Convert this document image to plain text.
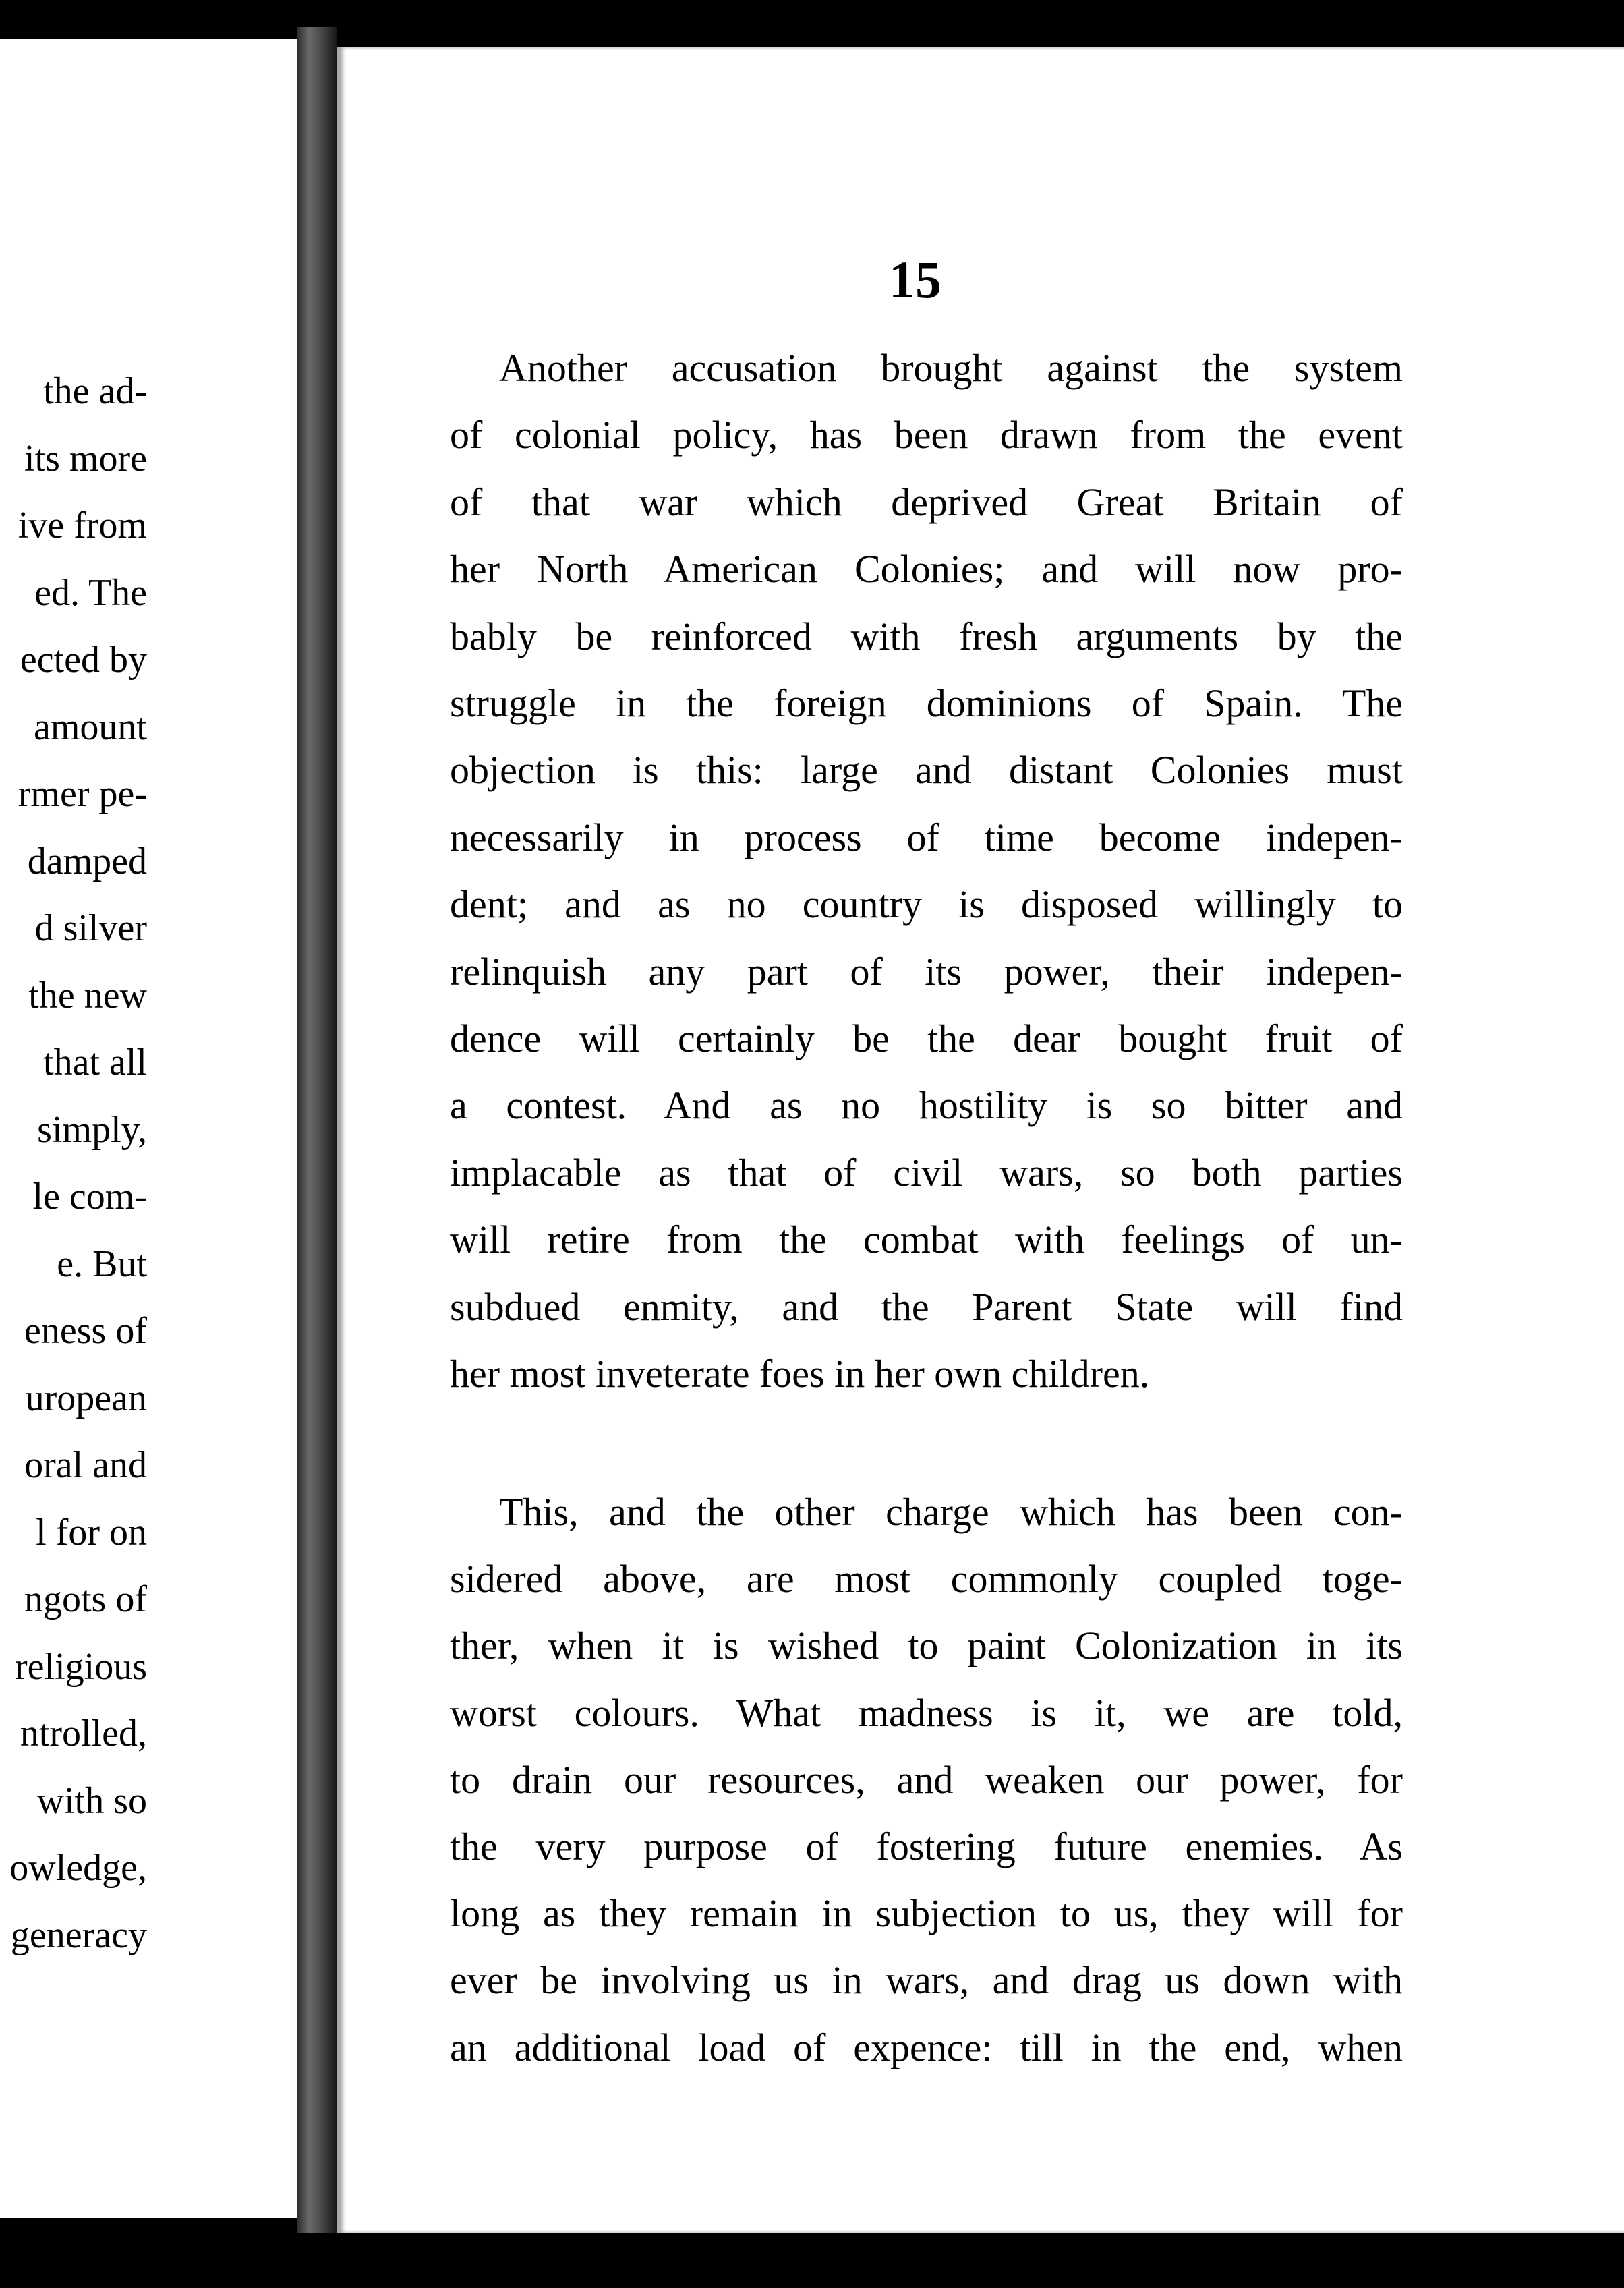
the ad-
its more
ive from
ed. The
ected by
amount
rmer pe-
damped
d silver
the new
that all
simply,
le com-
e. But
eness of
uropean
oral and
l for on
ngots of
religious
ntrolled,
with so
owledge,
generacy
15
Another accusation brought against the system
of colonial policy, has been drawn from the event
of that war which deprived Great Britain of
her North American Colonies; and will now pro-
bably be reinforced with fresh arguments by the
struggle in the foreign dominions of Spain. The
objection is this: large and distant Colonies must
necessarily in process of time become indepen-
dent; and as no country is disposed willingly to
relinquish any part of its power, their indepen-
dence will certainly be the dear bought fruit of
a contest. And as no hostility is so bitter and
implacable as that of civil wars, so both parties
will retire from the combat with feelings of un-
subdued enmity, and the Parent State will find
her most inveterate foes in her own children.
This, and the other charge which has been con-
sidered above, are most commonly coupled toge-
ther, when it is wished to paint Colonization in its
worst colours. What madness is it, we are told,
to drain our resources, and weaken our power, for
the very purpose of fostering future enemies. As
long as they remain in subjection to us, they will for
ever be involving us in wars, and drag us down with
an additional load of expence: till in the end, when
